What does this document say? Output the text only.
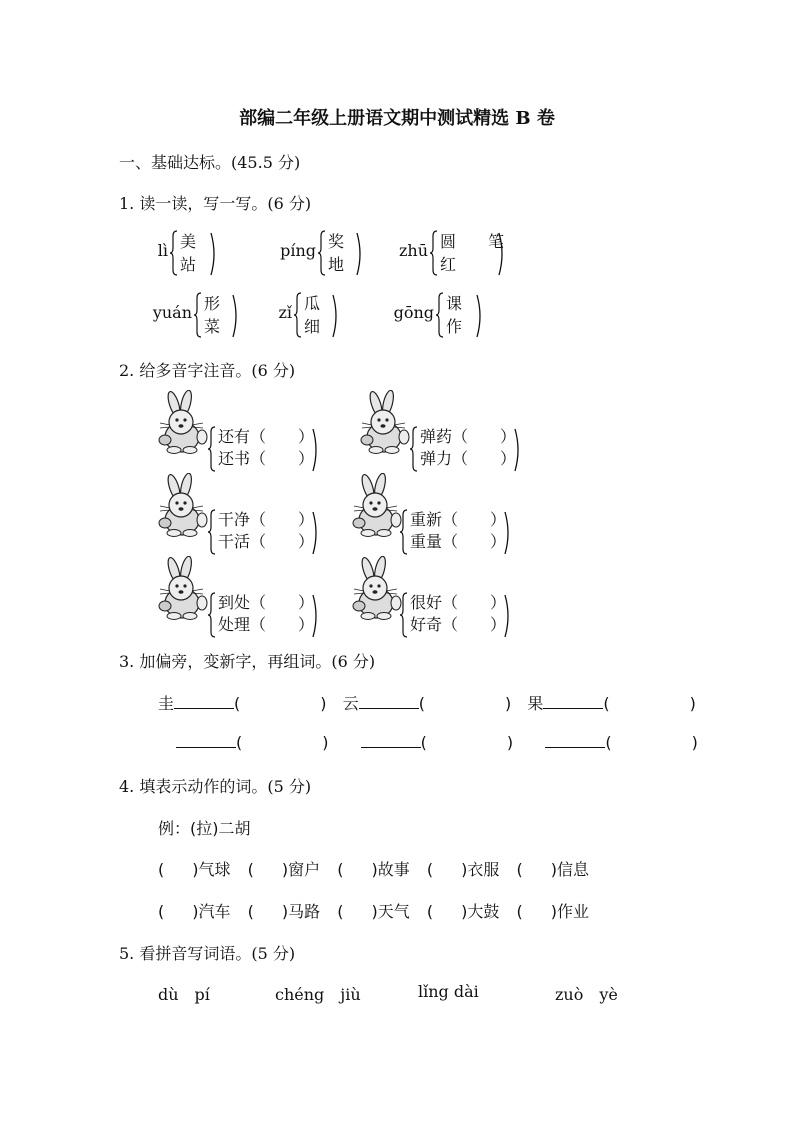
部编二年级上册语文期中测试精选 B 卷
一、基础达标。(45.5 分)
1. 读一读，写一写。(6 分)
lì 美
站
píng 奖
地
zhū 圆　　笔
红
yuán 形
菜
zǐ 瓜
细
gōng 课
作
2. 给多音字注音。(6 分)
还有（　　）
还书（　　）
弹药（　　）
弹力（　　）
干净（　　）
干活（　　）
重新（　　）
重量（　　）
到处（　　）
处理（　　）
很好（　　）
好奇（　　）
3. 加偏旁，变新字，再组词。(6 分)
圭	(	)  云	(	)  果	(	)
(	)	(	)	(	)
4. 填表示动作的词。(5 分)
例：(拉)二胡
( )气球 ( )窗户 ( )故事 ( )衣服 ( )信息
( )汽车 ( )马路 ( )天气 ( )大鼓 ( )作业
5. 看拼音写词语。(5 分)
dù　pí	chéng　jiù	lǐng dài	zuò　yè
